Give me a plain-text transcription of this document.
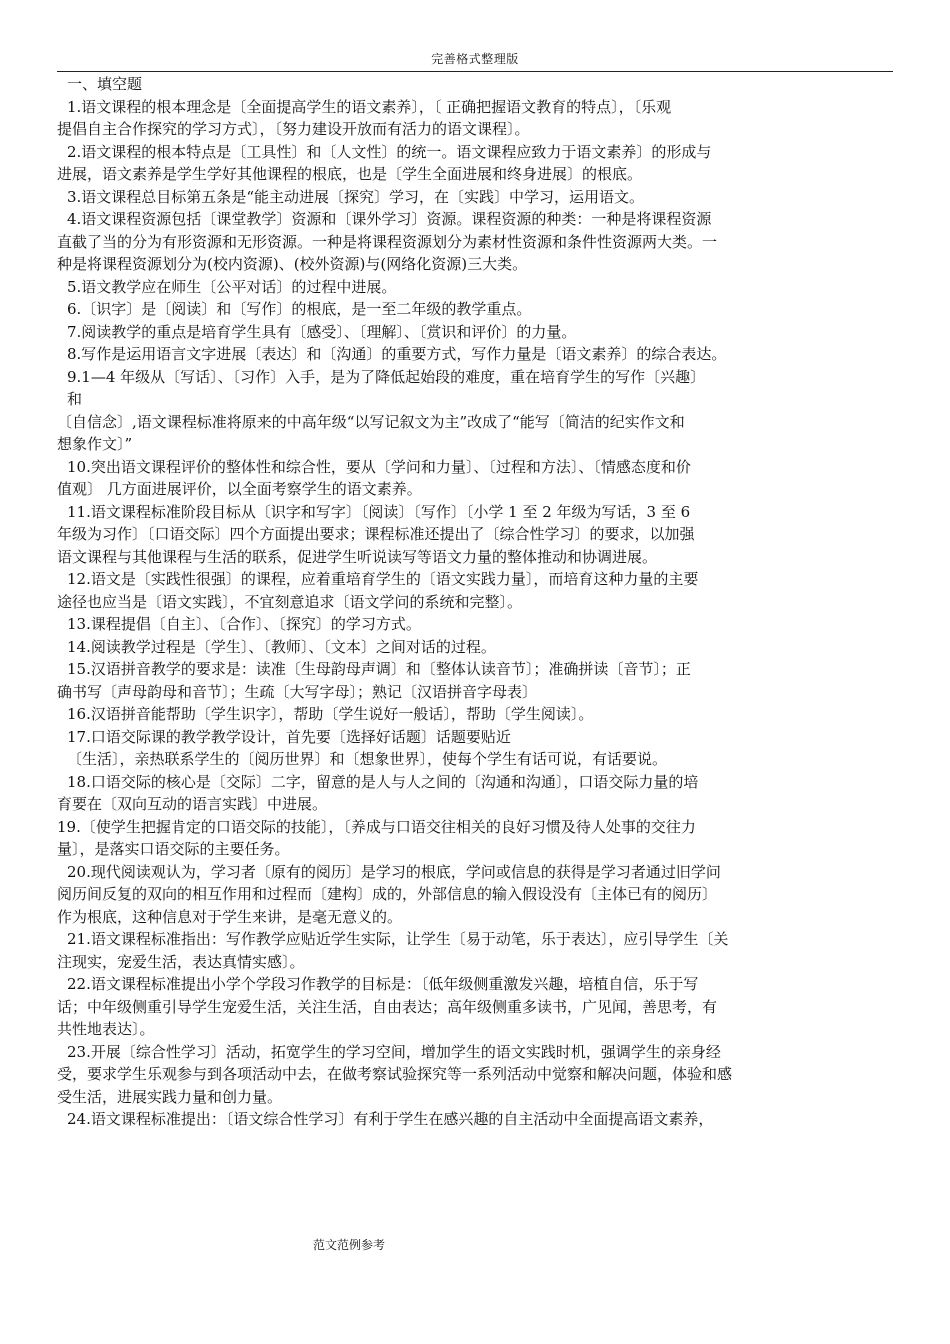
完善格式整理版

一、填空题

1.语文课程的根本理念是〔全面提高学生的语文素养〕，〔 正确把握语文教育的特点〕，〔乐观

提倡自主合作探究的学习方式〕，〔努力建设开放而有活力的语文课程〕。

2.语文课程的根本特点是〔工具性〕和〔人文性〕的统一。语文课程应致力于语文素养〕的形成与

进展，语文素养是学生学好其他课程的根底，也是〔学生全面进展和终身进展〕的根底。

3.语文课程总目标第五条是“能主动进展〔探究〕学习，在〔实践〕中学习，运用语文。

4.语文课程资源包括〔课堂教学〕资源和〔课外学习〕资源。课程资源的种类：一种是将课程资源

直截了当的分为有形资源和无形资源。一种是将课程资源划分为素材性资源和条件性资源两大类。一

种是将课程资源划分为(校内资源)、(校外资源)与(网络化资源)三大类。

5.语文教学应在师生〔公平对话〕的过程中进展。

6.〔识字〕是〔阅读〕和〔写作〕的根底，是一至二年级的教学重点。

7.阅读教学的重点是培育学生具有〔感受〕、〔理解〕、〔赏识和评价〕的力量。

8.写作是运用语言文字进展〔表达〕和〔沟通〕的重要方式，写作力量是〔语文素养〕的综合表达。

9.1—4 年级从〔写话〕、〔习作〕入手，是为了降低起始段的难度，重在培育学生的写作〔兴趣〕

和

〔自信念〕,语文课程标准将原来的中高年级“以写记叙文为主”改成了“能写〔简洁的纪实作文和

想象作文〕”

10.突出语文课程评价的整体性和综合性，要从〔学问和力量〕、〔过程和方法〕、〔情感态度和价

值观〕 几方面进展评价，以全面考察学生的语文素养。

11.语文课程标准阶段目标从〔识字和写字〕〔阅读〕〔写作〕〔小学 1 至 2 年级为写话，3 至 6

年级为习作〕〔口语交际〕四个方面提出要求；课程标准还提出了〔综合性学习〕的要求，以加强

语文课程与其他课程与生活的联系，促进学生听说读写等语文力量的整体推动和协调进展。

12.语文是〔实践性很强〕的课程，应着重培育学生的〔语文实践力量〕，而培育这种力量的主要

途径也应当是〔语文实践〕，不宜刻意追求〔语文学问的系统和完整〕。

13.课程提倡〔自主〕、〔合作〕、〔探究〕的学习方式。

14.阅读教学过程是〔学生〕、〔教师〕、〔文本〕之间对话的过程。

15.汉语拼音教学的要求是：读准〔生母韵母声调〕和〔整体认读音节〕；准确拼读〔音节〕；正

确书写〔声母韵母和音节〕；生疏〔大写字母〕；熟记〔汉语拼音字母表〕

16.汉语拼音能帮助〔学生识字〕，帮助〔学生说好一般话〕，帮助〔学生阅读〕。

17.口语交际课的教学教学设计，首先要〔选择好话题〕话题要贴近

〔生活〕，亲热联系学生的〔阅历世界〕和〔想象世界〕，使每个学生有话可说，有话要说。

18.口语交际的核心是〔交际〕二字，留意的是人与人之间的〔沟通和沟通〕，口语交际力量的培

育要在〔双向互动的语言实践〕中进展。

19.〔使学生把握肯定的口语交际的技能〕，〔养成与口语交往相关的良好习惯及待人处事的交往力

量〕，是落实口语交际的主要任务。

20.现代阅读观认为，学习者〔原有的阅历〕是学习的根底，学问或信息的获得是学习者通过旧学问

阅历间反复的双向的相互作用和过程而〔建构〕成的，外部信息的输入假设没有〔主体已有的阅历〕

作为根底，这种信息对于学生来讲，是毫无意义的。

21.语文课程标准指出：写作教学应贴近学生实际，让学生〔易于动笔，乐于表达〕，应引导学生〔关

注现实，宠爱生活，表达真情实感〕。

22.语文课程标准提出小学个学段习作教学的目标是：〔低年级侧重激发兴趣，培植自信，乐于写

话；中年级侧重引导学生宠爱生活，关注生活，自由表达；高年级侧重多读书，广见闻，善思考，有

共性地表达〕。

23.开展〔综合性学习〕活动，拓宽学生的学习空间，增加学生的语文实践时机，强调学生的亲身经

受，要求学生乐观参与到各项活动中去，在做考察试验探究等一系列活动中觉察和解决问题，体验和感

受生活，进展实践力量和创力量。

24.语文课程标准提出：〔语文综合性学习〕有利于学生在感兴趣的自主活动中全面提高语文素养，

范文范例参考
